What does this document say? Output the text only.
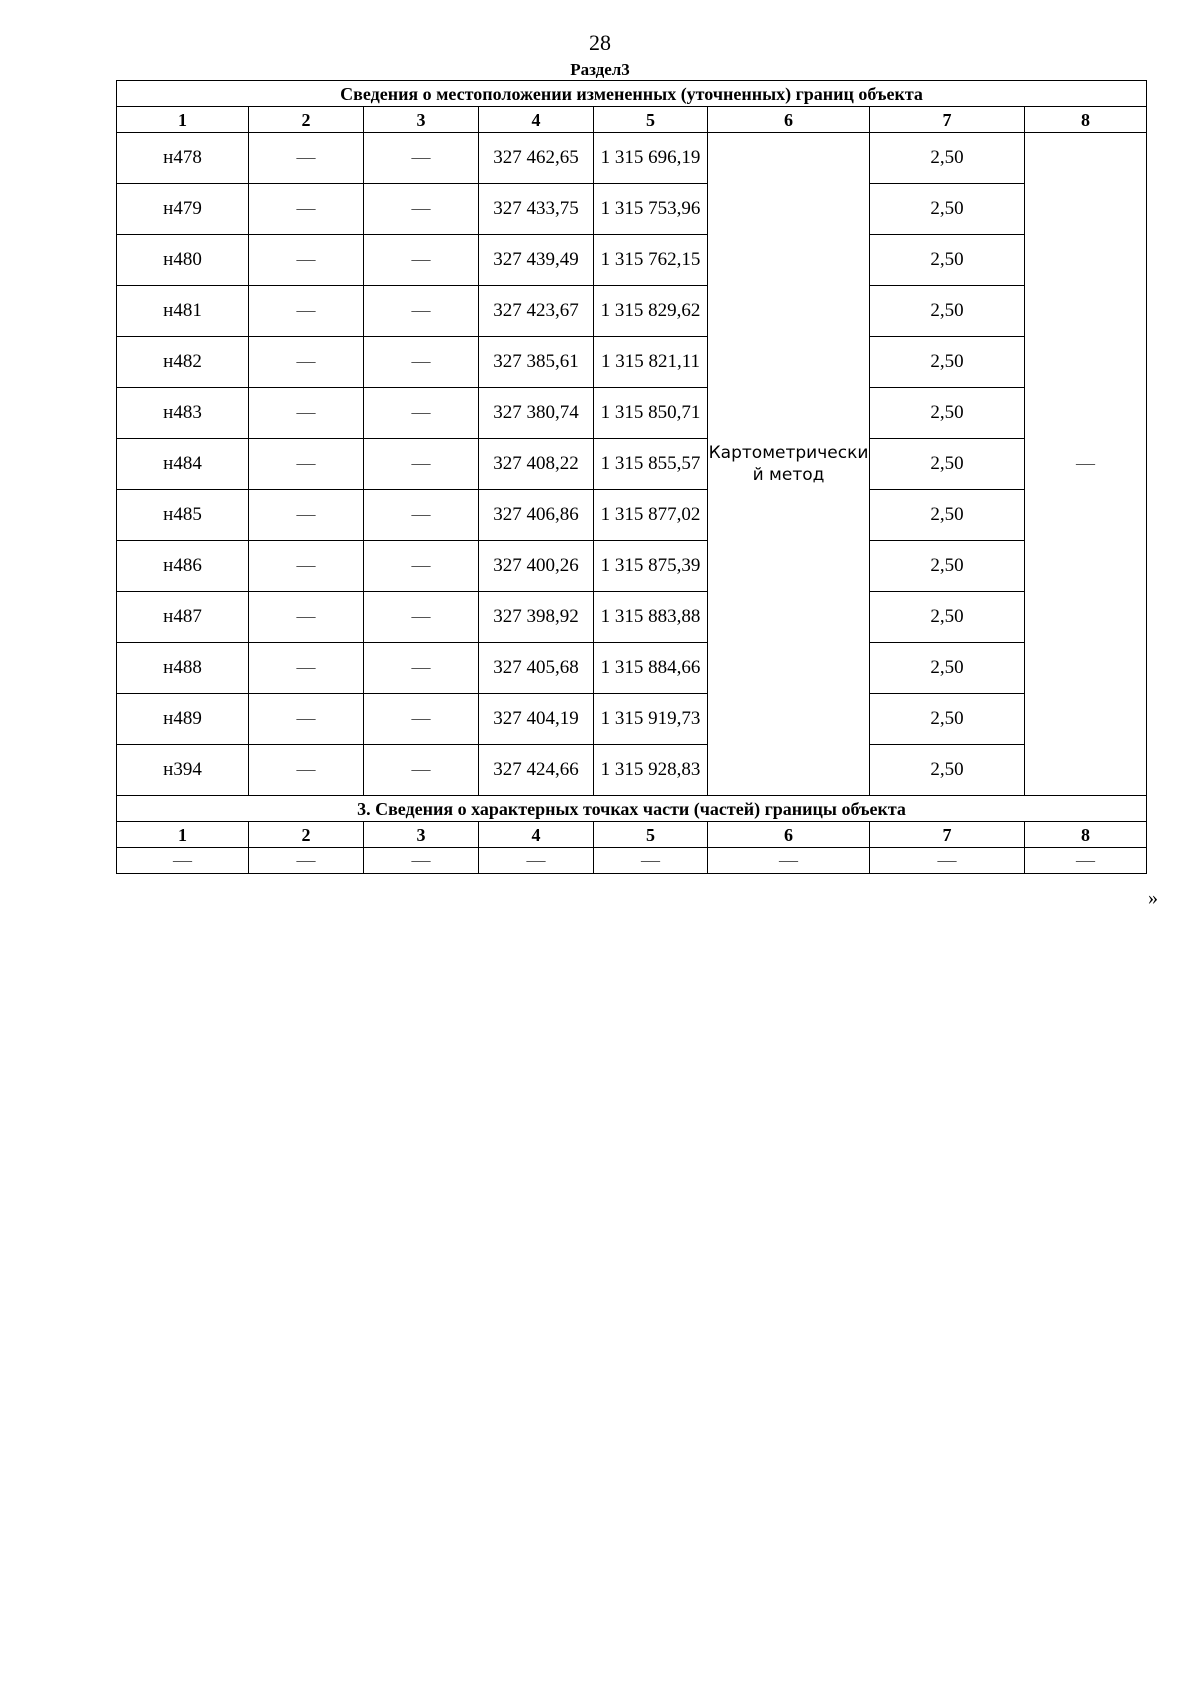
28
Раздел3
Сведения о местоположении измененных (уточненных) границ объекта							
1	2	3	4	5	6	7	8
н478	—	—	327 462,65	1 315 696,19	Картометрически й метод	2,50	—
н479	—	—	327 433,75	1 315 753,96		2,50	
н480	—	—	327 439,49	1 315 762,15		2,50	
н481	—	—	327 423,67	1 315 829,62		2,50	
н482	—	—	327 385,61	1 315 821,11		2,50	
н483	—	—	327 380,74	1 315 850,71		2,50	
н484	—	—	327 408,22	1 315 855,57		2,50	
н485	—	—	327 406,86	1 315 877,02		2,50	
н486	—	—	327 400,26	1 315 875,39		2,50	
н487	—	—	327 398,92	1 315 883,88		2,50	
н488	—	—	327 405,68	1 315 884,66		2,50	
н489	—	—	327 404,19	1 315 919,73		2,50	
н394	—	—	327 424,66	1 315 928,83		2,50	
3. Сведения о характерных точках части (частей) границы объекта							
1	2	3	4	5	6	7	8
—	—	—	—	—	—	—	—
»
